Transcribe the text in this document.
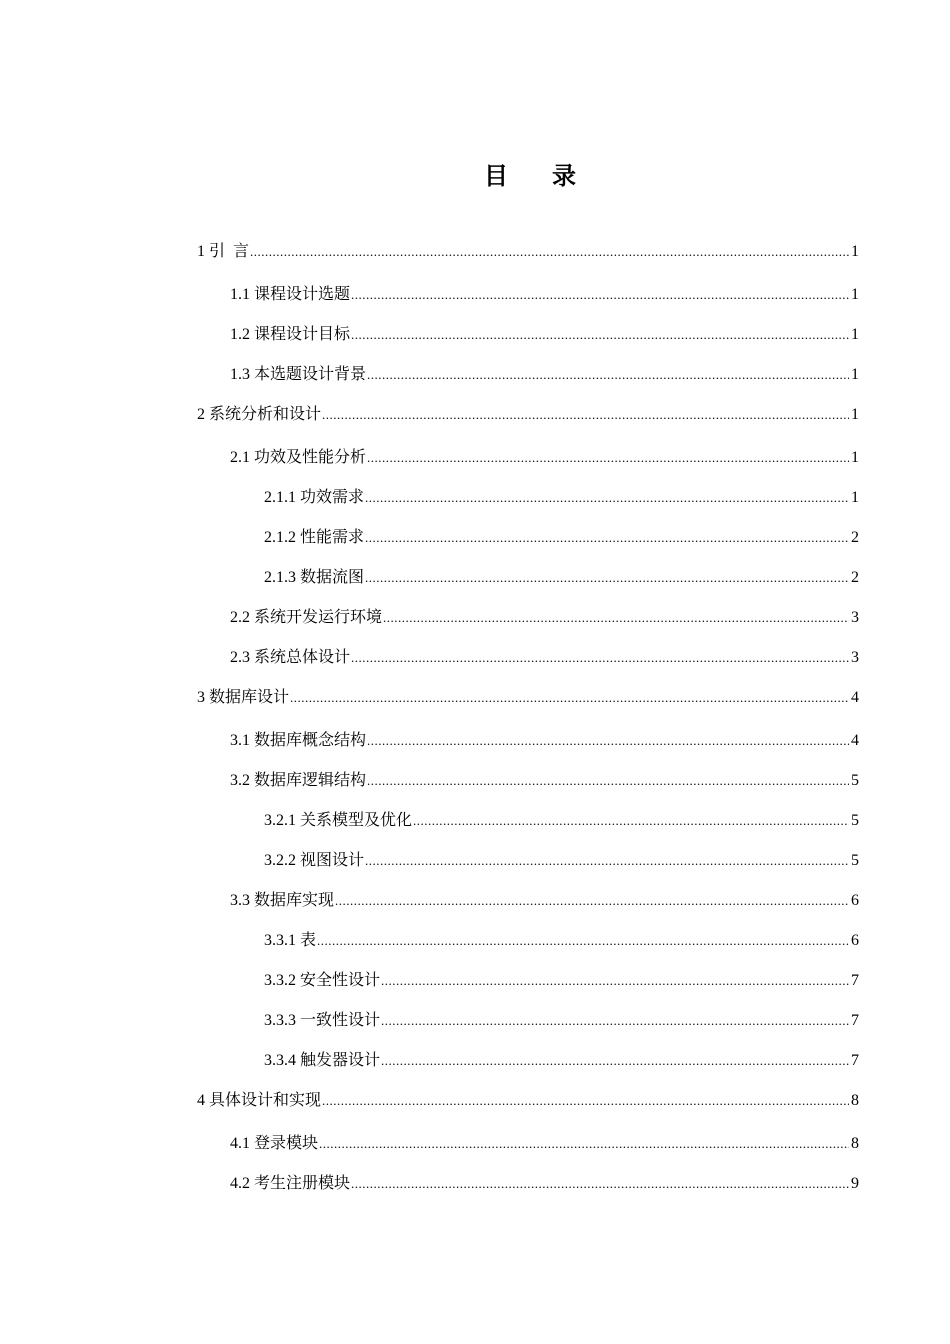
目 录
1 引  言 .....	1
1.1 课程设计选题 .....	1
1.2 课程设计目标 .....	1
1.3 本选题设计背景 .....	1
2 系统分析和设计 .....	1
2.1 功效及性能分析 .....	1
2.1.1 功效需求 .....	1
2.1.2 性能需求 .....	2
2.1.3 数据流图 .....	2
2.2 系统开发运行环境 .....	3
2.3 系统总体设计 .....	3
3 数据库设计 .....	4
3.1 数据库概念结构 .....	4
3.2 数据库逻辑结构 .....	5
3.2.1 关系模型及优化 .....	5
3.2.2 视图设计 .....	5
3.3 数据库实现 .....	6
3.3.1 表 .....	6
3.3.2 安全性设计 .....	7
3.3.3 一致性设计 .....	7
3.3.4 触发器设计 .....	7
4 具体设计和实现 .....	8
4.1 登录模块 .....	8
4.2 考生注册模块 .....	9
